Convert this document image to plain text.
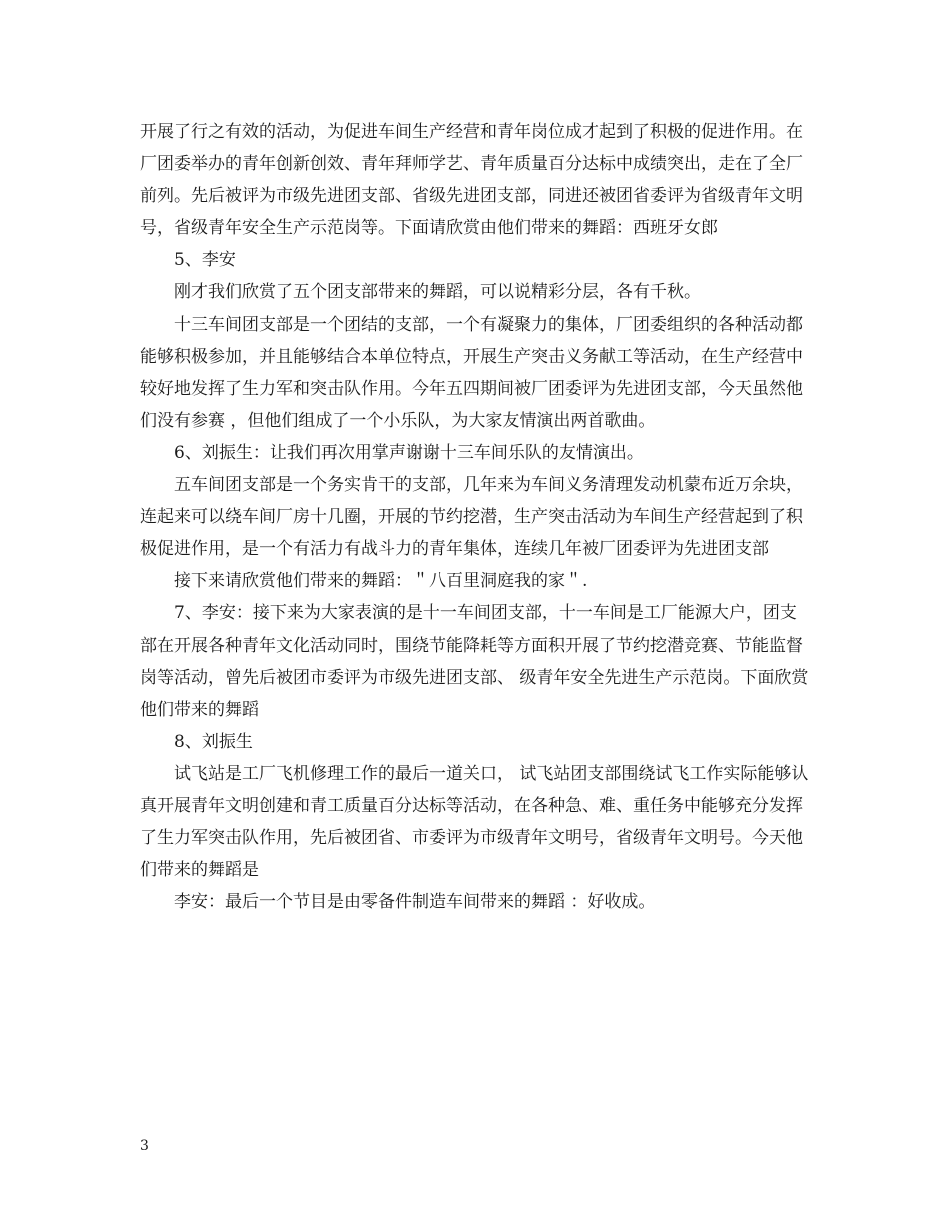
开展了行之有效的活动，为促进车间生产经营和青年岗位成才起到了积极的促进作用。在厂团委举办的青年创新创效、青年拜师学艺、青年质量百分达标中成绩突出，走在了全厂前列。先后被评为市级先进团支部、省级先进团支部，同进还被团省委评为省级青年文明号，省级青年安全生产示范岗等。下面请欣赏由他们带来的舞蹈：西班牙女郎

5、李安

刚才我们欣赏了五个团支部带来的舞蹈，可以说精彩分层，各有千秋。

十三车间团支部是一个团结的支部，一个有凝聚力的集体，厂团委组织的各种活动都能够积极参加，并且能够结合本单位特点，开展生产突击义务献工等活动，在生产经营中较好地发挥了生力军和突击队作用。今年五四期间被厂团委评为先进团支部，今天虽然他们没有参赛 ，但他们组成了一个小乐队，为大家友情演出两首歌曲。

6、刘振生：让我们再次用掌声谢谢十三车间乐队的友情演出。

五车间团支部是一个务实肯干的支部，几年来为车间义务清理发动机蒙布近万余块，连起来可以绕车间厂房十几圈，开展的节约挖潜，生产突击活动为车间生产经营起到了积极促进作用，是一个有活力有战斗力的青年集体，连续几年被厂团委评为先进团支部

接下来请欣赏他们带来的舞蹈：＂八百里洞庭我的家＂.

7、李安：接下来为大家表演的是十一车间团支部，十一车间是工厂能源大户，团支部在开展各种青年文化活动同时，围绕节能降耗等方面积开展了节约挖潜竞赛、节能监督岗等活动，曾先后被团市委评为市级先进团支部、 级青年安全先进生产示范岗。下面欣赏他们带来的舞蹈

8、刘振生

试飞站是工厂飞机修理工作的最后一道关口， 试飞站团支部围绕试飞工作实际能够认真开展青年文明创建和青工质量百分达标等活动，在各种急、难、重任务中能够充分发挥了生力军突击队作用，先后被团省、市委评为市级青年文明号，省级青年文明号。今天他们带来的舞蹈是

李安：最后一个节目是由零备件制造车间带来的舞蹈 ：好收成。

3
